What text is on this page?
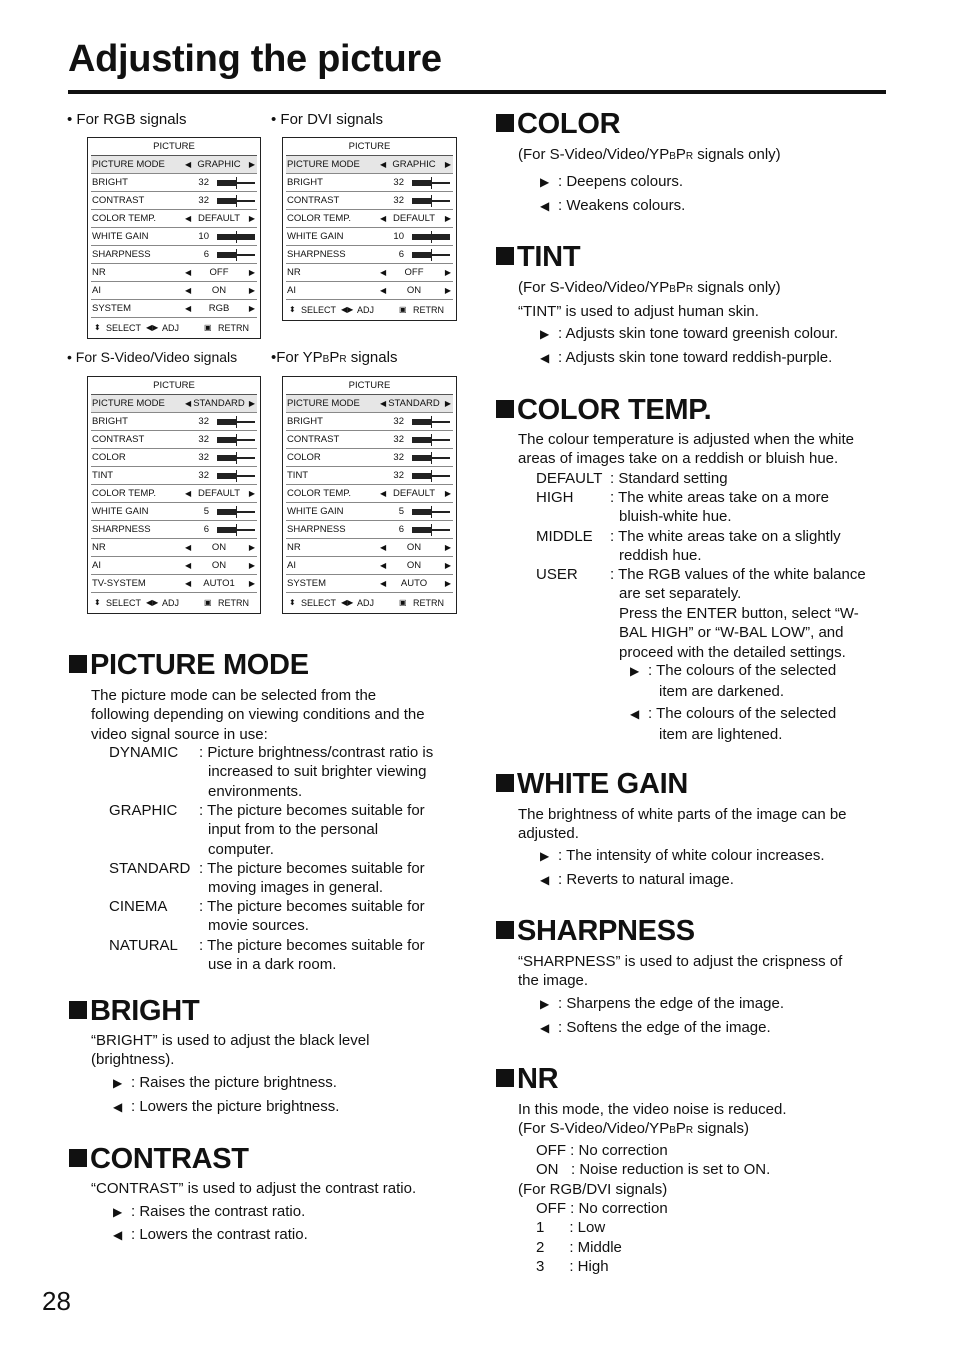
Adjusting the picture
• For RGB signals	• For DVI signals
• For S-Video/Video signals •For YPBPR signals
PICTURE
PICTURE MODE	◀ GRAPHIC	▶
BRIGHT	32
CONTRAST	32
COLOR TEMP.	◀ DEFAULT	▶
WHITE GAIN	10
SHARPNESS	6
NR	◀	OFF	▶
AI	◀	ON	▶
SYSTEM	◀	RGB	▶
⬍ SELECT ◀▶ ADJ	▣ RETRN
PICTURE
PICTURE MODE	◀ GRAPHIC	▶
BRIGHT	32
CONTRAST	32
COLOR TEMP.	◀ DEFAULT	▶
WHITE GAIN	10
SHARPNESS	6
NR	◀	OFF	▶
AI	◀	ON	▶
⬍ SELECT ◀▶ ADJ	▣ RETRN
PICTURE
PICTURE MODE	◀ STANDARD ▶
BRIGHT	32
CONTRAST	32
COLOR	32
TINT	32
COLOR TEMP.	◀ DEFAULT	▶
WHITE GAIN	5
SHARPNESS	6
NR	◀	ON	▶
AI	◀	ON	▶
TV-SYSTEM	◀	AUTO1	▶
⬍ SELECT ◀▶ ADJ	▣ RETRN
PICTURE
PICTURE MODE	◀ STANDARD ▶
BRIGHT	32
CONTRAST	32
COLOR	32
TINT	32
COLOR TEMP.	◀ DEFAULT	▶
WHITE GAIN	5
SHARPNESS	6
NR	◀	ON	▶
AI	◀	ON	▶
SYSTEM	◀	AUTO	▶
⬍ SELECT ◀▶ ADJ	▣ RETRN
PICTURE MODE
The picture mode can be selected from the
following depending on viewing conditions and the
video signal source in use:
DYNAMIC : Picture brightness/contrast ratio is
increased to suit brighter viewing
environments.
GRAPHIC : The picture becomes suitable for
input from to the personal
computer.
STANDARD : The picture becomes suitable for
moving images in general.
CINEMA : The picture becomes suitable for
movie sources.
NATURAL : The picture becomes suitable for
use in a dark room.
BRIGHT
“BRIGHT” is used to adjust the black level
(brightness).
▶ : Raises the picture brightness.
◀ : Lowers the picture brightness.
CONTRAST
“CONTRAST” is used to adjust the contrast ratio.
▶ : Raises the contrast ratio.
◀ : Lowers the contrast ratio.
28
COLOR
(For S-Video/Video/YPBPR signals only)
▶ : Deepens colours.
◀ : Weakens colours.
TINT
(For S-Video/Video/YPBPR signals only)
“TINT” is used to adjust human skin.
▶ : Adjusts skin tone toward greenish colour.
◀ : Adjusts skin tone toward reddish-purple.
COLOR TEMP.
The colour temperature is adjusted when the white
areas of images take on a reddish or bluish hue.
DEFAULT : Standard setting
HIGH : The white areas take on a more
bluish-white hue.
MIDDLE : The white areas take on a slightly
reddish hue.
USER : The RGB values of the white balance
are set separately.
Press the ENTER button, select “W-
BAL HIGH” or “W-BAL LOW”, and
proceed with the detailed settings.
▶ : The colours of the selected
item are darkened.
◀ : The colours of the selected
item are lightened.
WHITE GAIN
The brightness of white parts of the image can be
adjusted.
▶ : The intensity of white colour increases.
◀ : Reverts to natural image.
SHARPNESS
“SHARPNESS” is used to adjust the crispness of
the image.
▶ : Sharpens the edge of the image.
◀ : Softens the edge of the image.
NR
In this mode, the video noise is reduced.
(For S-Video/Video/YPBPR signals)
OFF : No correction
ON   : Noise reduction is set to ON.
(For RGB/DVI signals)
OFF : No correction
1      : Low
2      : Middle
3      : High
